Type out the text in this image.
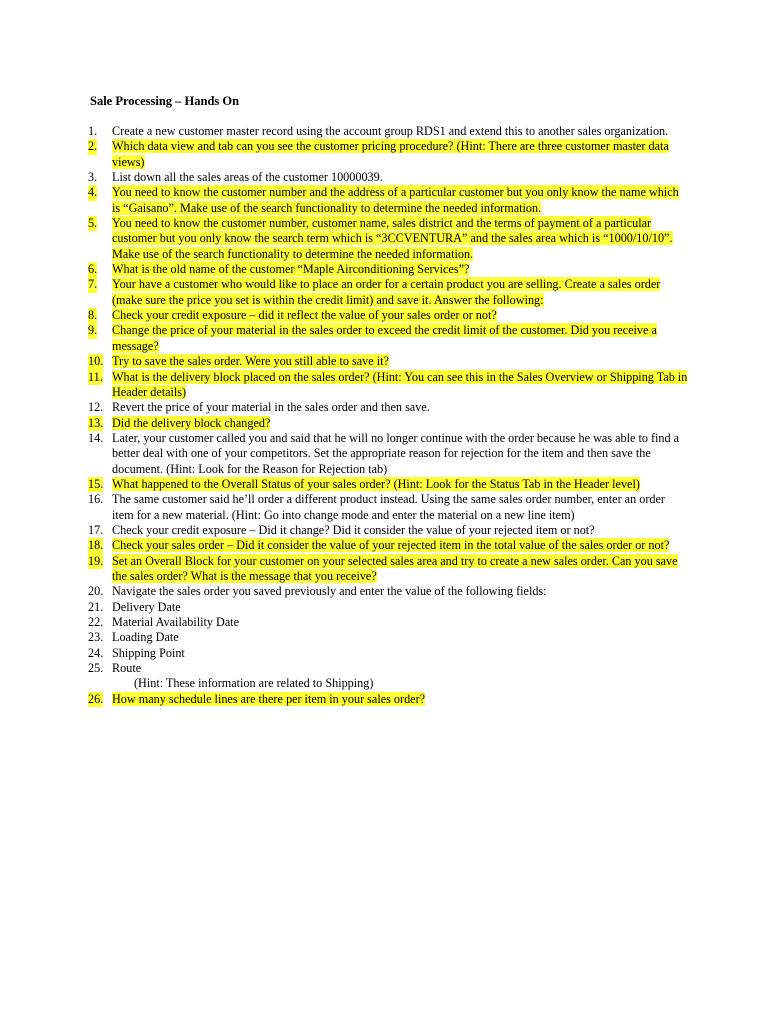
Sale Processing – Hands On
1. Create a new customer master record using the account group RDS1 and extend this to another sales organization.
2. Which data view and tab can you see the customer pricing procedure? (Hint: There are three customer master data views)
3. List down all the sales areas of the customer 10000039.
4. You need to know the customer number and the address of a particular customer but you only know the name which is “Gaisano”. Make use of the search functionality to determine the needed information.
5. You need to know the customer number, customer name, sales district and the terms of payment of a particular customer but you only know the search term which is “3CCVENTURA” and the sales area which is “1000/10/10”. Make use of the search functionality to determine the needed information.
6. What is the old name of the customer “Maple Airconditioning Services”?
7. Your have a customer who would like to place an order for a certain product you are selling. Create a sales order (make sure the price you set is within the credit limit) and save it. Answer the following:
8. Check your credit exposure – did it reflect the value of your sales order or not?
9. Change the price of your material in the sales order to exceed the credit limit of the customer. Did you receive a message?
10. Try to save the sales order. Were you still able to save it?
11. What is the delivery block placed on the sales order? (Hint: You can see this in the Sales Overview or Shipping Tab in Header details)
12. Revert the price of your material in the sales order and then save.
13. Did the delivery block changed?
14. Later, your customer called you and said that he will no longer continue with the order because he was able to find a better deal with one of your competitors. Set the appropriate reason for rejection for the item and then save the document. (Hint: Look for the Reason for Rejection tab)
15. What happened to the Overall Status of your sales order? (Hint: Look for the Status Tab in the Header level)
16. The same customer said he’ll order a different product instead. Using the same sales order number, enter an order item for a new material. (Hint: Go into change mode and enter the material on a new line item)
17. Check your credit exposure – Did it change? Did it consider the value of your rejected item or not?
18. Check your sales order – Did it consider the value of your rejected item in the total value of the sales order or not?
19. Set an Overall Block for your customer on your selected sales area and try to create a new sales order. Can you save the sales order? What is the message that you receive?
20. Navigate the sales order you saved previously and enter the value of the following fields:
21. Delivery Date
22. Material Availability Date
23. Loading Date
24. Shipping Point
25. Route
(Hint: These information are related to Shipping)
26. How many schedule lines are there per item in your sales order?
